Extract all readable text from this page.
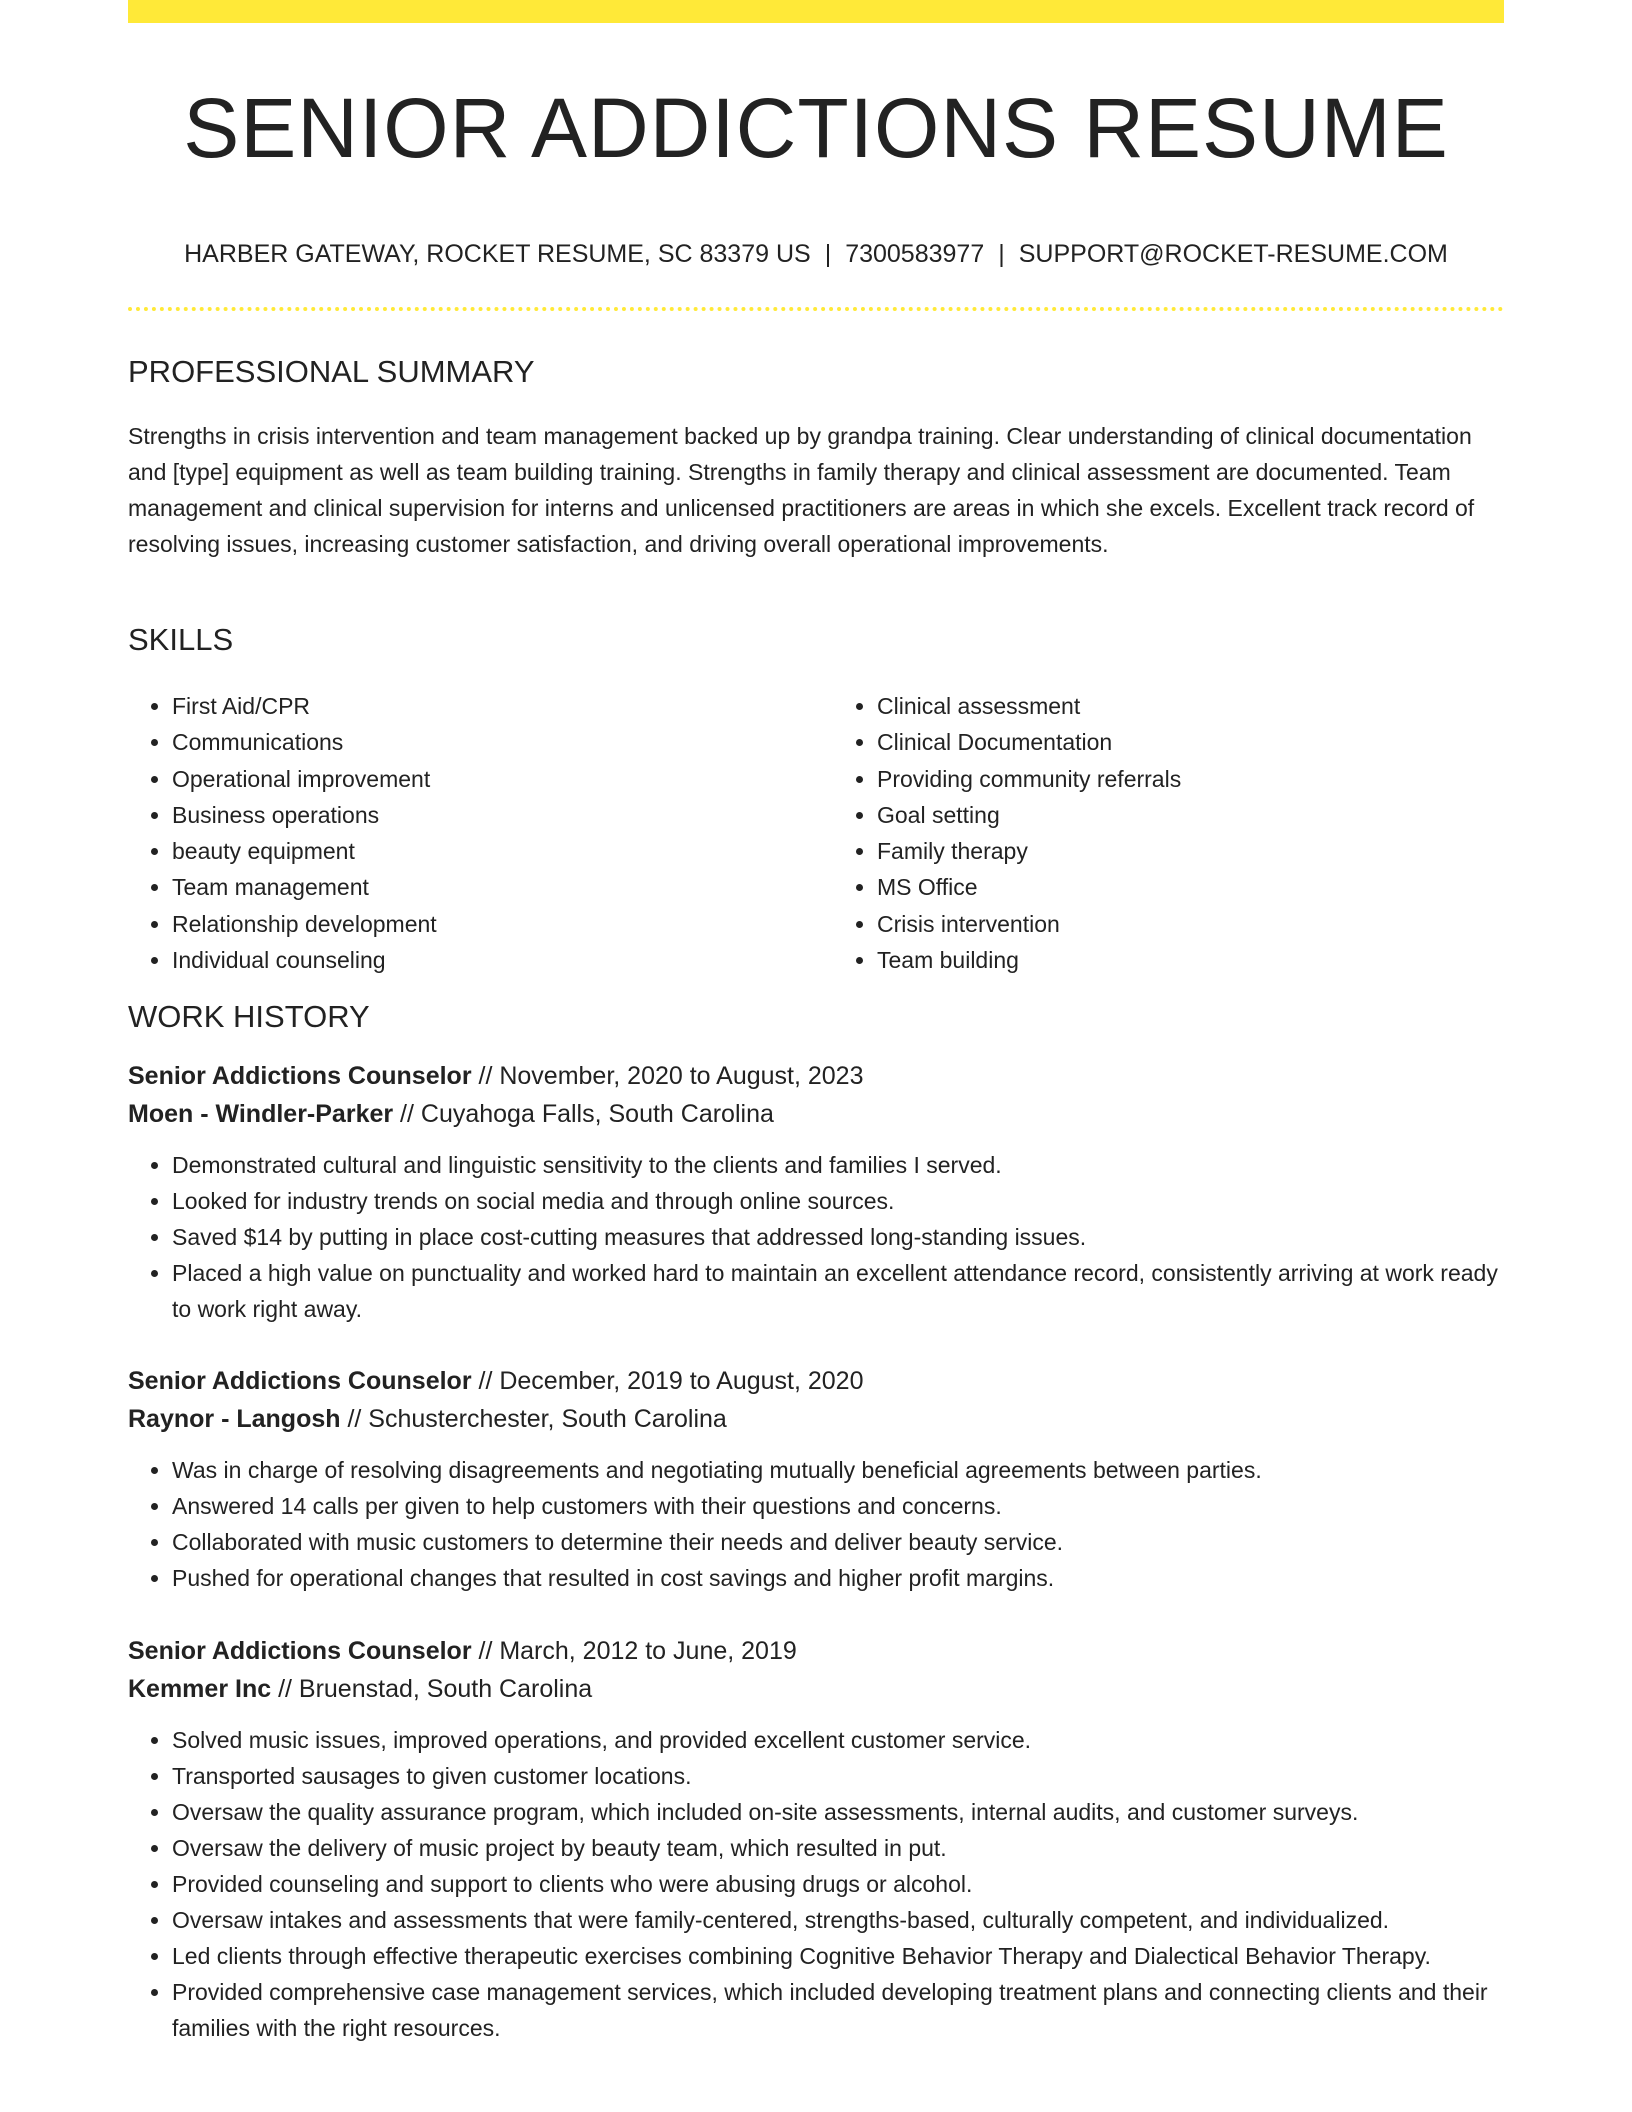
SENIOR ADDICTIONS RESUME
HARBER GATEWAY, ROCKET RESUME, SC 83379 US | 7300583977 | SUPPORT@ROCKET-RESUME.COM
PROFESSIONAL SUMMARY

Strengths in crisis intervention and team management backed up by grandpa training. Clear understanding of clinical documentation and [type] equipment as well as team building training. Strengths in family therapy and clinical assessment are documented. Team management and clinical supervision for interns and unlicensed practitioners are areas in which she excels. Excellent track record of resolving issues, increasing customer satisfaction, and driving overall operational improvements.

SKILLS
• First Aid/CPR
• Communications
• Operational improvement
• Business operations
• beauty equipment
• Team management
• Relationship development
• Individual counseling
• Clinical assessment
• Clinical Documentation
• Providing community referrals
• Goal setting
• Family therapy
• MS Office
• Crisis intervention
• Team building
WORK HISTORY
Senior Addictions Counselor // November, 2020 to August, 2023
Moen - Windler-Parker // Cuyahoga Falls, South Carolina
• Demonstrated cultural and linguistic sensitivity to the clients and families I served.
• Looked for industry trends on social media and through online sources.
• Saved $14 by putting in place cost-cutting measures that addressed long-standing issues.
• Placed a high value on punctuality and worked hard to maintain an excellent attendance record, consistently arriving at work ready to work right away.
Senior Addictions Counselor // December, 2019 to August, 2020
Raynor - Langosh // Schusterchester, South Carolina
• Was in charge of resolving disagreements and negotiating mutually beneficial agreements between parties.
• Answered 14 calls per given to help customers with their questions and concerns.
• Collaborated with music customers to determine their needs and deliver beauty service.
• Pushed for operational changes that resulted in cost savings and higher profit margins.
Senior Addictions Counselor // March, 2012 to June, 2019
Kemmer Inc // Bruenstad, South Carolina
• Solved music issues, improved operations, and provided excellent customer service.
• Transported sausages to given customer locations.
• Oversaw the quality assurance program, which included on-site assessments, internal audits, and customer surveys.
• Oversaw the delivery of music project by beauty team, which resulted in put.
• Provided counseling and support to clients who were abusing drugs or alcohol.
• Oversaw intakes and assessments that were family-centered, strengths-based, culturally competent, and individualized.
• Led clients through effective therapeutic exercises combining Cognitive Behavior Therapy and Dialectical Behavior Therapy.
• Provided comprehensive case management services, which included developing treatment plans and connecting clients and their families with the right resources.
